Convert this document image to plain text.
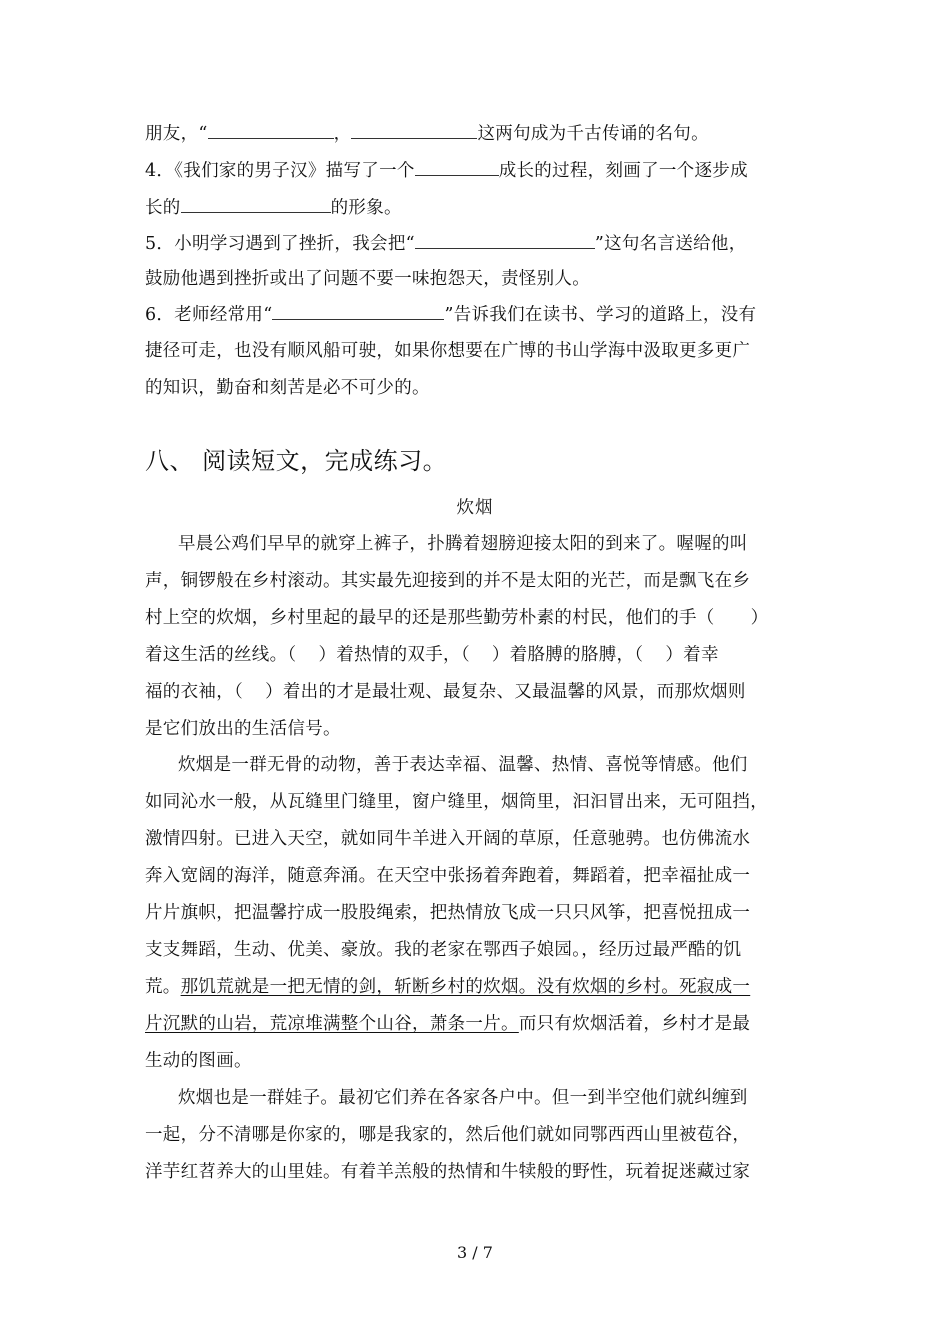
朋友，“	，	这两句成为千古传诵的名句。
4．《我们家的男子汉》描写了一个	成长的过程，刻画了一个逐步成
长的	的形象。
5．小明学习遇到了挫折，我会把“	”这句名言送给他，
鼓励他遇到挫折或出了问题不要一味抱怨天，责怪别人。
6．老师经常用“	”告诉我们在读书、学习的道路上，没有
捷径可走，也没有顺风船可驶，如果你想要在广博的书山学海中汲取更多更广
的知识，勤奋和刻苦是必不可少的。
八、 阅读短文，完成练习。
炊烟
早晨公鸡们早早的就穿上裤子，扑腾着翅膀迎接太阳的到来了。喔喔的叫
声，铜锣般在乡村滚动。其实最先迎接到的并不是太阳的光芒，而是飘飞在乡
村上空的炊烟，乡村里起的最早的还是那些勤劳朴素的村民，他们的手（ ）
着这生活的丝线。（ ）着热情的双手，（ ）着胳膊的胳膊，（ ）着幸
福的衣袖，（ ）着出的才是最壮观、最复杂、又最温馨的风景，而那炊烟则
是它们放出的生活信号。
炊烟是一群无骨的动物，善于表达幸福、温馨、热情、喜悦等情感。他们
如同沁水一般，从瓦缝里门缝里，窗户缝里，烟筒里，汩汩冒出来，无可阻挡，
激情四射。已进入天空，就如同牛羊进入开阔的草原，任意驰骋。也仿佛流水
奔入宽阔的海洋，随意奔涌。在天空中张扬着奔跑着，舞蹈着，把幸福扯成一
片片旗帜，把温馨拧成一股股绳索，把热情放飞成一只只风筝，把喜悦扭成一
支支舞蹈，生动、优美、豪放。我的老家在鄂西子娘园。，经历过最严酷的饥
荒。那饥荒就是一把无情的剑，斩断乡村的炊烟。没有炊烟的乡村。死寂成一
片沉默的山岩，荒凉堆满整个山谷，萧条一片。而只有炊烟活着，乡村才是最
生动的图画。
炊烟也是一群娃子。最初它们养在各家各户中。但一到半空他们就纠缠到
一起，分不清哪是你家的，哪是我家的，然后他们就如同鄂西西山里被苞谷，
洋芋红苕养大的山里娃。有着羊羔般的热情和牛犊般的野性，玩着捉迷藏过家
3 / 7
